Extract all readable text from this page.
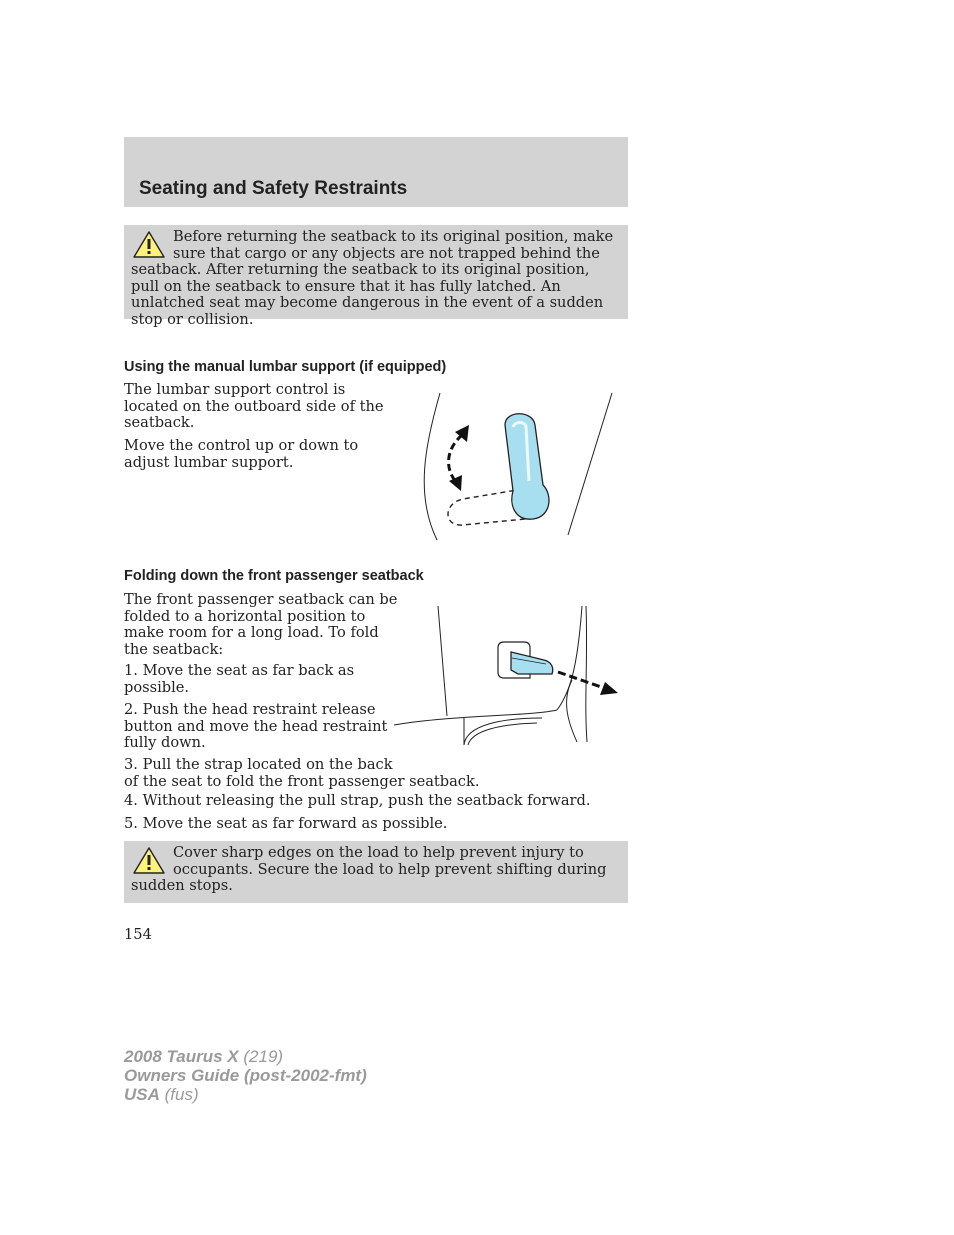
Seating and Safety Restraints
Before returning the seatback to its original position, make sure that cargo or any objects are not trapped behind the seatback. After returning the seatback to its original position, pull on the seatback to ensure that it has fully latched. An unlatched seat may become dangerous in the event of a sudden stop or collision.
Using the manual lumbar support (if equipped)
The lumbar support control is
located on the outboard side of the
seatback.
Move the control up or down to
adjust lumbar support.
Folding down the front passenger seatback
The front passenger seatback can be
folded to a horizontal position to
make room for a long load. To fold
the seatback:
1. Move the seat as far back as
possible.
2. Push the head restraint release
button and move the head restraint
fully down.
3. Pull the strap located on the back
of the seat to fold the front passenger seatback.
4. Without releasing the pull strap, push the seatback forward.
5. Move the seat as far forward as possible.
Cover sharp edges on the load to help prevent injury to occupants. Secure the load to help prevent shifting during sudden stops.
154
2008 Taurus X (219)
Owners Guide (post-2002-fmt)
USA (fus)
